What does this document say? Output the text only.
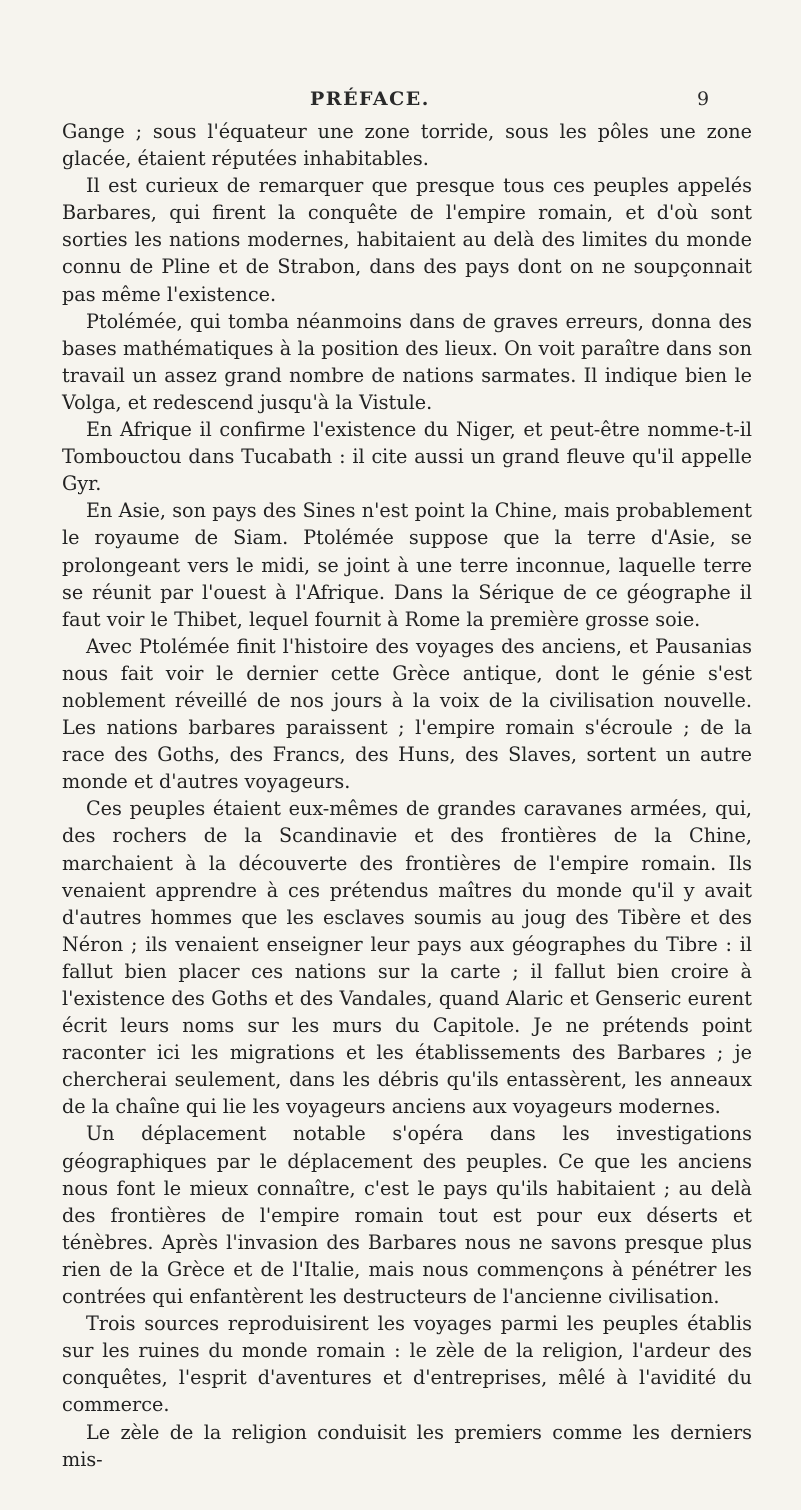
PRÉFACE.	9

Gange ; sous l'équateur une zone torride, sous les pôles une zone glacée, étaient réputées inhabitables.

Il est curieux de remarquer que presque tous ces peuples appelés Barbares, qui firent la conquête de l'empire romain, et d'où sont sorties les nations modernes, habitaient au delà des limites du monde connu de Pline et de Strabon, dans des pays dont on ne soupçonnait pas même l'existence.

Ptolémée, qui tomba néanmoins dans de graves erreurs, donna des bases mathématiques à la position des lieux. On voit paraître dans son travail un assez grand nombre de nations sarmates. Il indique bien le Volga, et redescend jusqu'à la Vistule.

En Afrique il confirme l'existence du Niger, et peut-être nomme-t-il Tombouctou dans Tucabath : il cite aussi un grand fleuve qu'il appelle Gyr.

En Asie, son pays des Sines n'est point la Chine, mais probablement le royaume de Siam. Ptolémée suppose que la terre d'Asie, se prolongeant vers le midi, se joint à une terre inconnue, laquelle terre se réunit par l'ouest à l'Afrique. Dans la Sérique de ce géographe il faut voir le Thibet, lequel fournit à Rome la première grosse soie.

Avec Ptolémée finit l'histoire des voyages des anciens, et Pausanias nous fait voir le dernier cette Grèce antique, dont le génie s'est noblement réveillé de nos jours à la voix de la civilisation nouvelle. Les nations barbares paraissent ; l'empire romain s'écroule ; de la race des Goths, des Francs, des Huns, des Slaves, sortent un autre monde et d'autres voyageurs.

Ces peuples étaient eux-mêmes de grandes caravanes armées, qui, des rochers de la Scandinavie et des frontières de la Chine, marchaient à la découverte des frontières de l'empire romain. Ils venaient apprendre à ces prétendus maîtres du monde qu'il y avait d'autres hommes que les esclaves soumis au joug des Tibère et des Néron ; ils venaient enseigner leur pays aux géographes du Tibre : il fallut bien placer ces nations sur la carte ; il fallut bien croire à l'existence des Goths et des Vandales, quand Alaric et Genseric eurent écrit leurs noms sur les murs du Capitole. Je ne prétends point raconter ici les migrations et les établissements des Barbares ; je chercherai seulement, dans les débris qu'ils entassèrent, les anneaux de la chaîne qui lie les voyageurs anciens aux voyageurs modernes.

Un déplacement notable s'opéra dans les investigations géographiques par le déplacement des peuples. Ce que les anciens nous font le mieux connaître, c'est le pays qu'ils habitaient ; au delà des frontières de l'empire romain tout est pour eux déserts et ténèbres. Après l'invasion des Barbares nous ne savons presque plus rien de la Grèce et de l'Italie, mais nous commençons à pénétrer les contrées qui enfantèrent les destructeurs de l'ancienne civilisation.

Trois sources reproduisirent les voyages parmi les peuples établis sur les ruines du monde romain : le zèle de la religion, l'ardeur des conquêtes, l'esprit d'aventures et d'entreprises, mêlé à l'avidité du commerce.

Le zèle de la religion conduisit les premiers comme les derniers mis-
